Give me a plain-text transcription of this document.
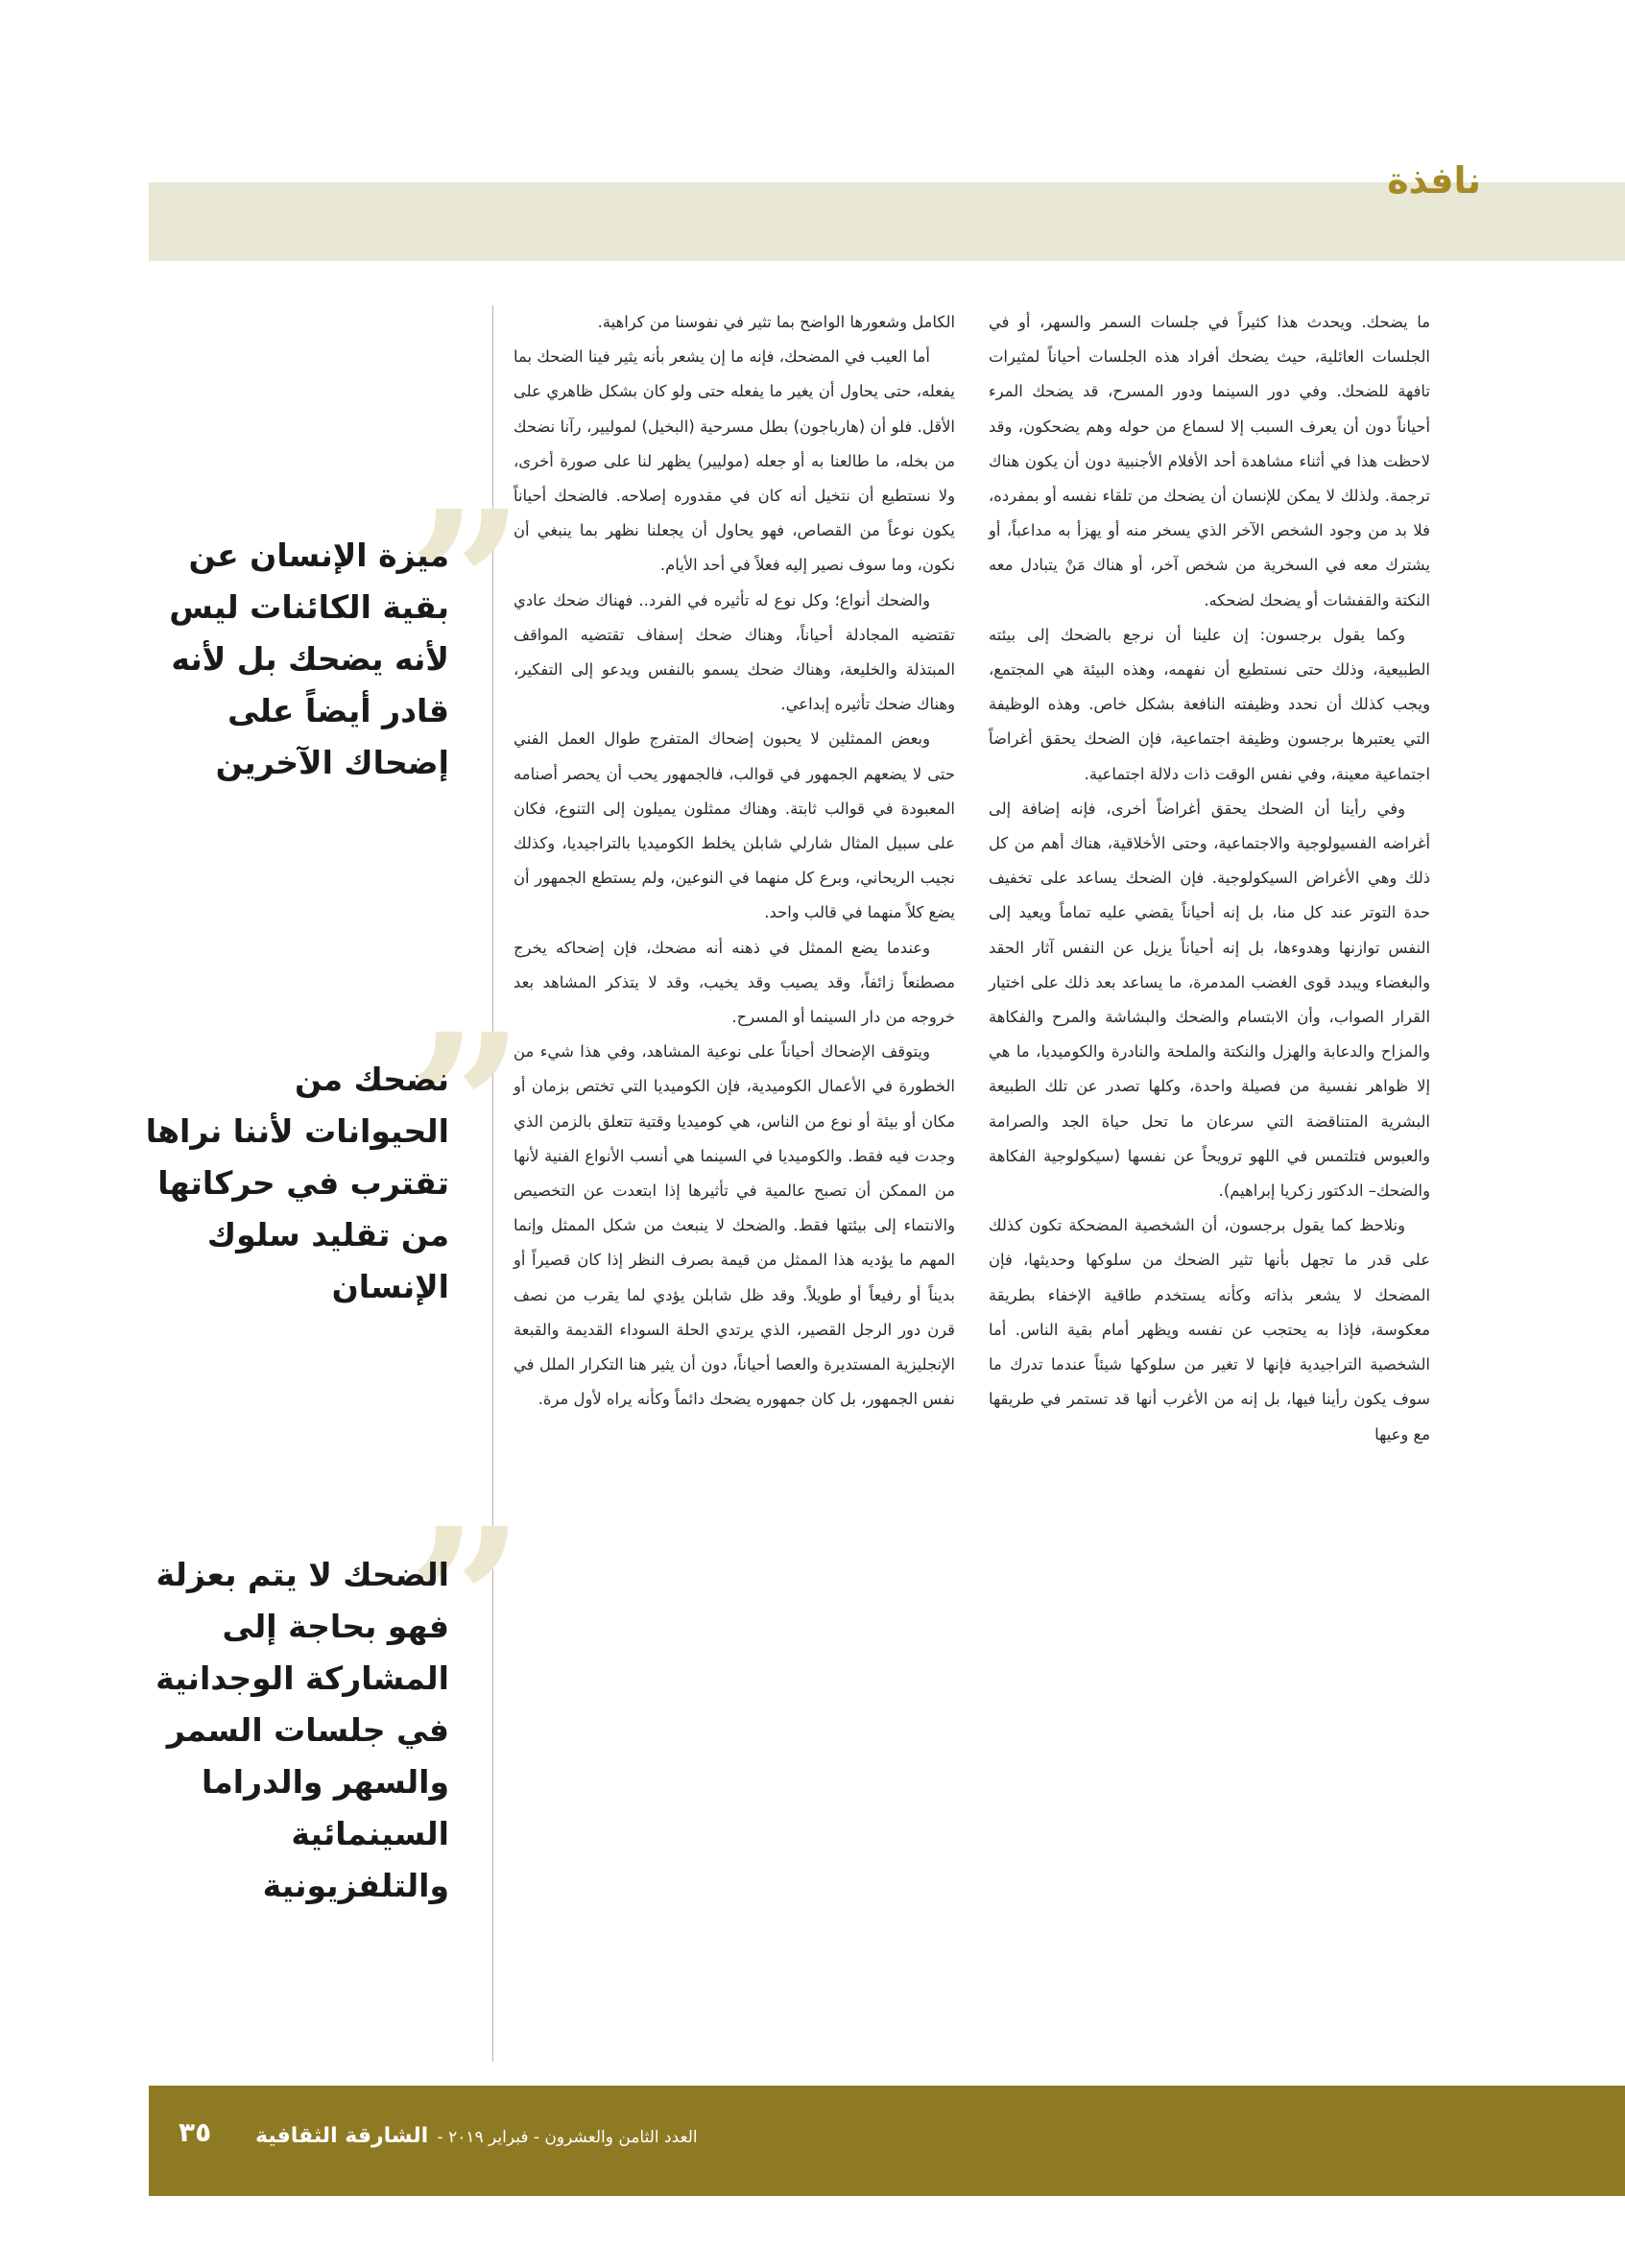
نافذة

ما يضحك. ويحدث هذا كثيراً في جلسات السمر والسهر، أو في الجلسات العائلية، حيث يضحك أفراد هذه الجلسات أحياناً لمثيرات تافهة للضحك. وفي دور السينما ودور المسرح، قد يضحك المرء أحياناً دون أن يعرف السبب إلا لسماع من حوله وهم يضحكون، وقد لاحظت هذا في أثناء مشاهدة أحد الأفلام الأجنبية دون أن يكون هناك ترجمة. ولذلك لا يمكن للإنسان أن يضحك من تلقاء نفسه أو بمفرده، فلا بد من وجود الشخص الآخر الذي يسخر منه أو يهزأ به مداعباً، أو يشترك معه في السخرية من شخص آخر، أو هناك مَنْ يتبادل معه النكتة والقفشات أو يضحك لضحكه.

وكما يقول برجسون: إن علينا أن نرجع بالضحك إلى بيئته الطبيعية، وذلك حتى نستطيع أن نفهمه، وهذه البيئة هي المجتمع، ويجب كذلك أن نحدد وظيفته النافعة بشكل خاص. وهذه الوظيفة التي يعتبرها برجسون وظيفة اجتماعية، فإن الضحك يحقق أغراضاً اجتماعية معينة، وفي نفس الوقت ذات دلالة اجتماعية.

وفي رأينا أن الضحك يحقق أغراضاً أخرى، فإنه إضافة إلى أغراضه الفسيولوجية والاجتماعية، وحتى الأخلاقية، هناك أهم من كل ذلك وهي الأغراض السيكولوجية. فإن الضحك يساعد على تخفيف حدة التوتر عند كل منا، بل إنه أحياناً يقضي عليه تماماً ويعيد إلى النفس توازنها وهدوءها، بل إنه أحياناً يزيل عن النفس آثار الحقد والبغضاء ويبدد قوى الغضب المدمرة، ما يساعد بعد ذلك على اختيار القرار الصواب، وأن الابتسام والضحك والبشاشة والمرح والفكاهة والمزاح والدعابة والهزل والنكتة والملحة والنادرة والكوميديا، ما هي إلا ظواهر نفسية من فصيلة واحدة، وكلها تصدر عن تلك الطبيعة البشرية المتناقضة التي سرعان ما تحل حياة الجد والصرامة والعبوس فتلتمس في اللهو ترويحاً عن نفسها (سيكولوجية الفكاهة والضحك– الدكتور زكريا إبراهيم).

ونلاحظ كما يقول برجسون، أن الشخصية المضحكة تكون كذلك على قدر ما تجهل بأنها تثير الضحك من سلوكها وحديثها، فإن المضحك لا يشعر بذاته وكأنه يستخدم طاقية الإخفاء بطريقة معكوسة، فإذا به يحتجب عن نفسه ويظهر أمام بقية الناس. أما الشخصية التراجيدية فإنها لا تغير من سلوكها شيئاً عندما تدرك ما سوف يكون رأينا فيها، بل إنه من الأغرب أنها قد تستمر في طريقها مع وعيها

الكامل وشعورها الواضح بما تثير في نفوسنا من كراهية.

أما العيب في المضحك، فإنه ما إن يشعر بأنه يثير فينا الضحك بما يفعله، حتى يحاول أن يغير ما يفعله حتى ولو كان بشكل ظاهري على الأقل. فلو أن (هارباجون) بطل مسرحية (البخيل) لموليير، رآنا نضحك من بخله، ما طالعنا به أو جعله (موليير) يظهر لنا على صورة أخرى، ولا نستطيع أن نتخيل أنه كان في مقدوره إصلاحه. فالضحك أحياناً يكون نوعاً من القصاص، فهو يحاول أن يجعلنا نظهر بما ينبغي أن نكون، وما سوف نصير إليه فعلاً في أحد الأيام.

والضحك أنواع؛ وكل نوع له تأثيره في الفرد.. فهناك ضحك عادي تقتضيه المجادلة أحياناً، وهناك ضحك إسفاف تقتضيه المواقف المبتذلة والخليعة، وهناك ضحك يسمو بالنفس ويدعو إلى التفكير، وهناك ضحك تأثيره إبداعي.

وبعض الممثلين لا يحبون إضحاك المتفرج طوال العمل الفني حتى لا يضعهم الجمهور في قوالب، فالجمهور يحب أن يحصر أصنامه المعبودة في قوالب ثابتة. وهناك ممثلون يميلون إلى التنوع، فكان على سبيل المثال شارلي شابلن يخلط الكوميديا بالتراجيديا، وكذلك نجيب الريحاني، وبرع كل منهما في النوعين، ولم يستطع الجمهور أن يضع كلاً منهما في قالب واحد.

وعندما يضع الممثل في ذهنه أنه مضحك، فإن إضحاكه يخرج مصطنعاً زائفاً، وقد يصيب وقد يخيب، وقد لا يتذكر المشاهد بعد خروجه من دار السينما أو المسرح.

ويتوقف الإضحاك أحياناً على نوعية المشاهد، وفي هذا شيء من الخطورة في الأعمال الكوميدية، فإن الكوميديا التي تختص بزمان أو مكان أو بيئة أو نوع من الناس، هي كوميديا وقتية تتعلق بالزمن الذي وجدت فيه فقط. والكوميديا في السينما هي أنسب الأنواع الفنية لأنها من الممكن أن تصبح عالمية في تأثيرها إذا ابتعدت عن التخصيص والانتماء إلى بيئتها فقط. والضحك لا ينبعث من شكل الممثل وإنما المهم ما يؤديه هذا الممثل من قيمة بصرف النظر إذا كان قصيراً أو بديناً أو رفيعاً أو طويلاً. وقد ظل شابلن يؤدي لما يقرب من نصف قرن دور الرجل القصير، الذي يرتدي الحلة السوداء القديمة والقبعة الإنجليزية المستديرة والعصا أحياناً، دون أن يثير هنا التكرار الملل في نفس الجمهور، بل كان جمهوره يضحك دائماً وكأنه يراه لأول مرة.

”
ميزة الإنسان عن بقية الكائنات ليس لأنه يضحك بل لأنه قادر أيضاً على إضحاك الآخرين
”
نضحك من الحيوانات لأننا نراها تقترب في حركاتها من تقليد سلوك الإنسان
”
الضحك لا يتم بعزلة فهو بحاجة إلى المشاركة الوجدانية في جلسات السمر والسهر والدراما السينمائية والتلفزيونية
٣٥	العدد الثامن والعشرون - فبراير ٢٠١٩ - الشارقة الثقافية
